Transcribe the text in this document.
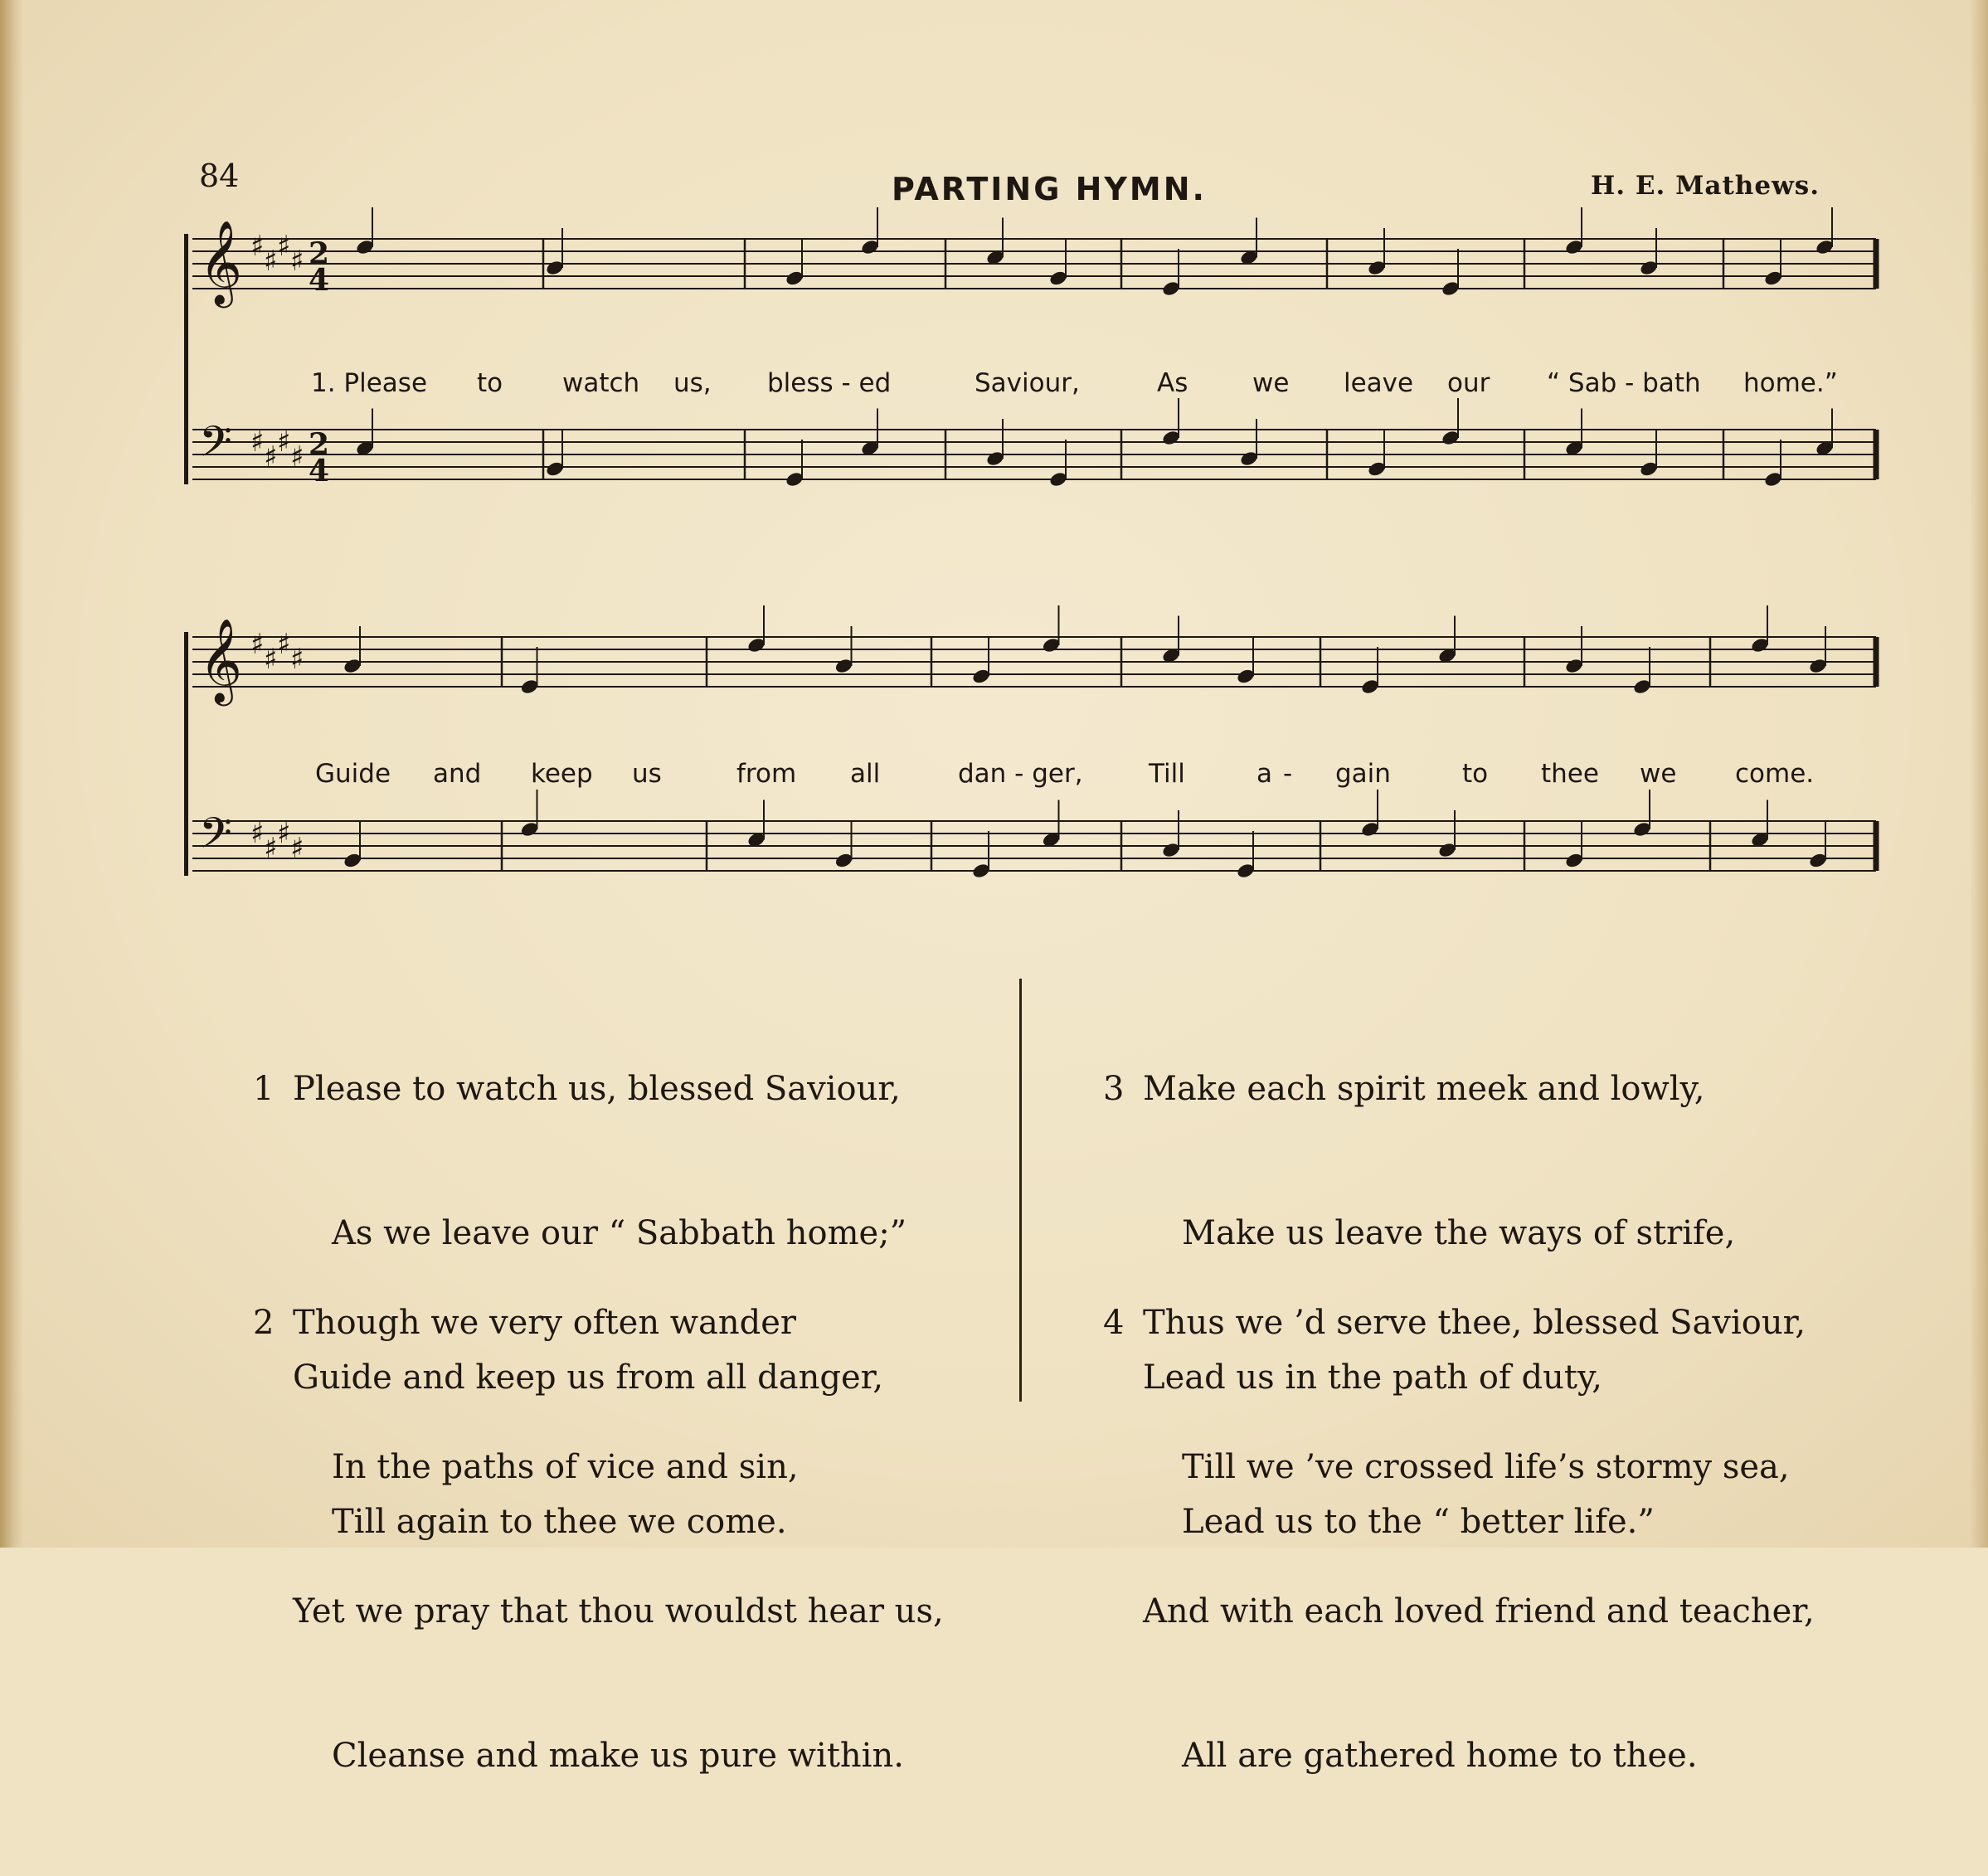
84	PARTING HYMN.	H. E. Mathews.
𝄞 ♯ ♯ ♯ ♯ 2
4
𝄢 ♯ ♯ ♯ ♯ 2
4
𝄞 ♯ ♯ ♯ ♯
𝄢 ♯ ♯ ♯ ♯
1. Please to watch us, bless - ed	Saviour,	As	we leave our “ Sab - bath home.”
Guide and keep us	from all	dan - ger,	Till	a - gain	to thee we come.

1 Please to watch us, blessed Saviour,

As we leave our “ Sabbath home;”

Guide and keep us from all danger,

Till again to thee we come.

2 Though we very often wander

In the paths of vice and sin,

Yet we pray that thou wouldst hear us,

Cleanse and make us pure within.

3 Make each spirit meek and lowly,

Make us leave the ways of strife,

Lead us in the path of duty,

Lead us to the “ better life.”

4 Thus we ’d serve thee, blessed Saviour,

Till we ’ve crossed life’s stormy sea,

And with each loved friend and teacher,

All are gathered home to thee.
